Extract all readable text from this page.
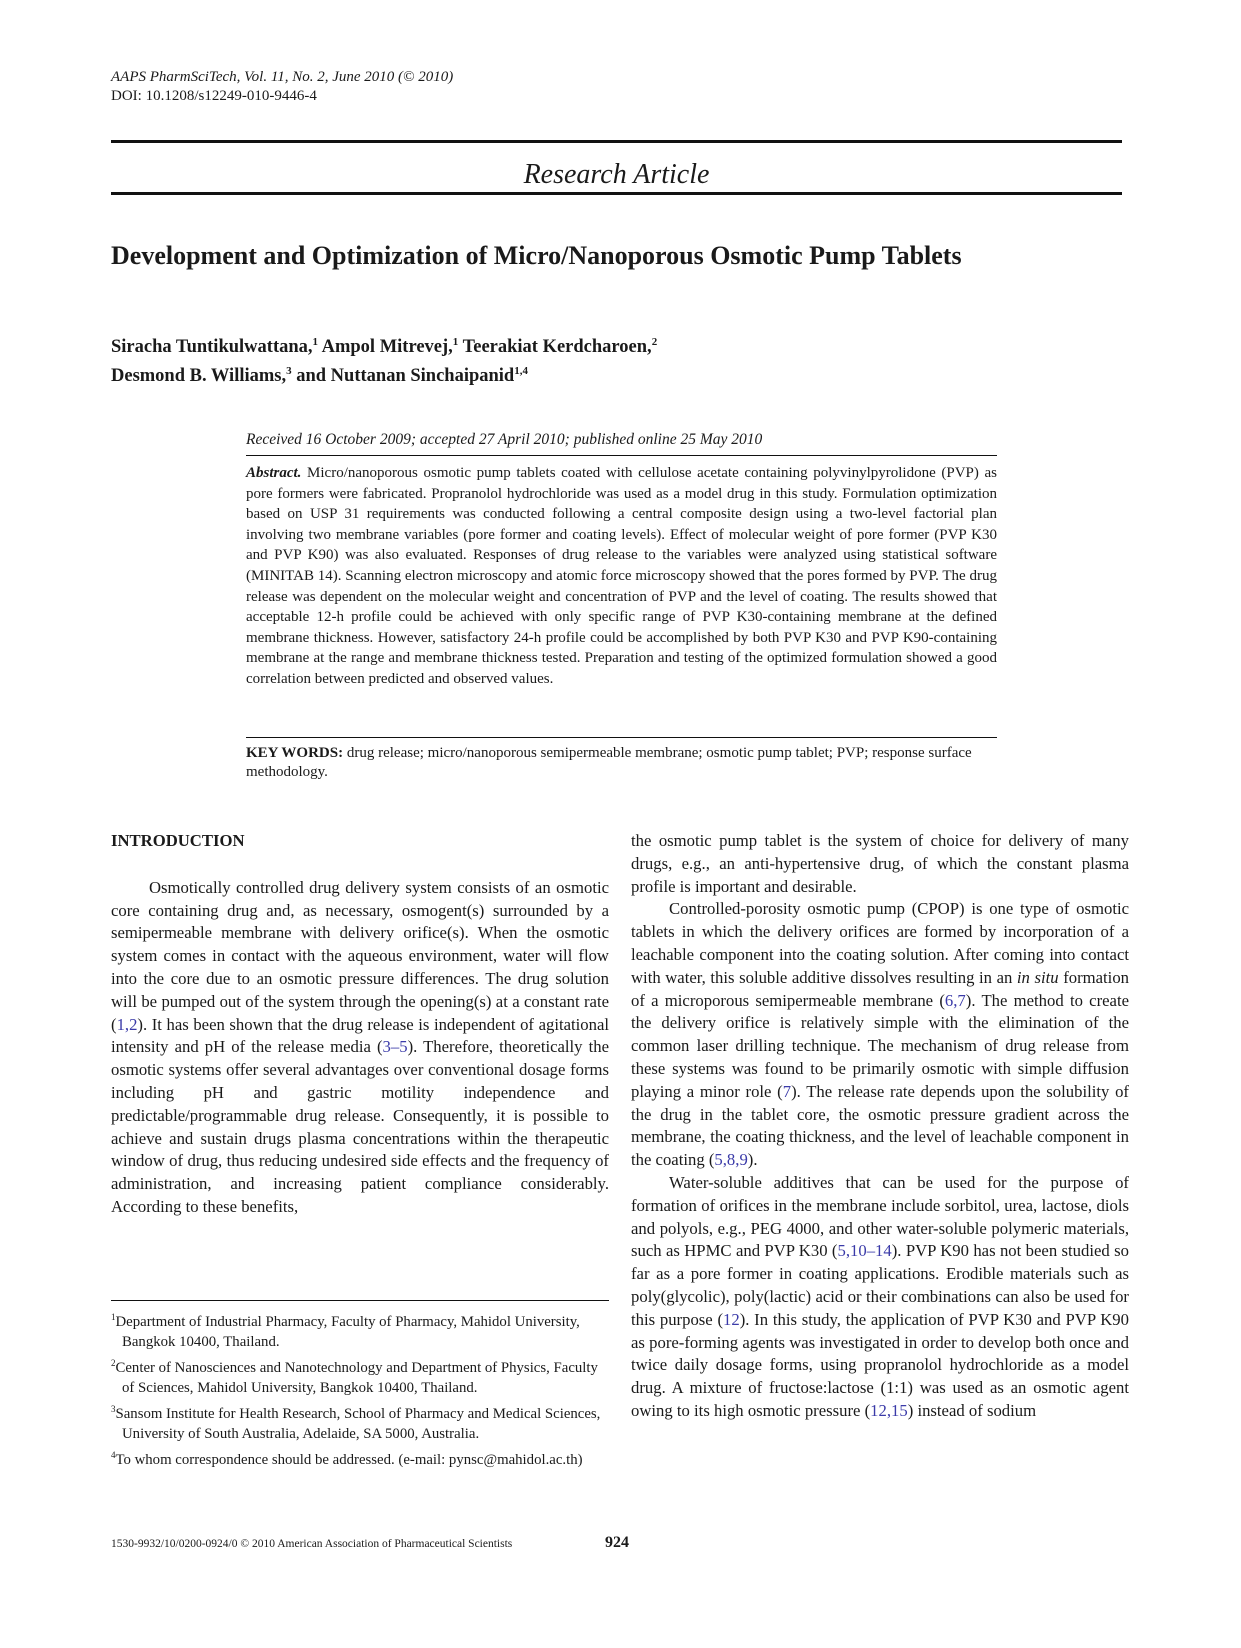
AAPS PharmSciTech, Vol. 11, No. 2, June 2010 (© 2010)
DOI: 10.1208/s12249-010-9446-4
Research Article
Development and Optimization of Micro/Nanoporous Osmotic Pump Tablets
Siracha Tuntikulwattana,$^1$ Ampol Mitrevej,$^1$ Teerakiat Kerdcharoen,$^2$
Desmond B. Williams,$^3$ and Nuttanan Sinchaipanid$^{1,4}$
Received 16 October 2009; accepted 27 April 2010; published online 25 May 2010
Abstract. Micro/nanoporous osmotic pump tablets coated with cellulose acetate containing polyvinylpyrolidone (PVP) as pore formers were fabricated. Propranolol hydrochloride was used as a model drug in this study. Formulation optimization based on USP 31 requirements was conducted following a central composite design using a two-level factorial plan involving two membrane variables (pore former and coating levels). Effect of molecular weight of pore former (PVP K30 and PVP K90) was also evaluated. Responses of drug release to the variables were analyzed using statistical software (MINITAB 14). Scanning electron microscopy and atomic force microscopy showed that the pores formed by PVP. The drug release was dependent on the molecular weight and concentration of PVP and the level of coating. The results showed that acceptable 12-h profile could be achieved with only specific range of PVP K30-containing membrane at the defined membrane thickness. However, satisfactory 24-h profile could be accomplished by both PVP K30 and PVP K90-containing membrane at the range and membrane thickness tested. Preparation and testing of the optimized formulation showed a good correlation between predicted and observed values.
KEY WORDS: drug release; micro/nanoporous semipermeable membrane; osmotic pump tablet; PVP; response surface methodology.

INTRODUCTION

Osmotically controlled drug delivery system consists of an osmotic core containing drug and, as necessary, osmogent(s) surrounded by a semipermeable membrane with delivery orifice(s). When the osmotic system comes in contact with the aqueous environment, water will flow into the core due to an osmotic pressure differences. The drug solution will be pumped out of the system through the opening(s) at a constant rate (1,2). It has been shown that the drug release is independent of agitational intensity and pH of the release media (3–5). Therefore, theoretically the osmotic systems offer several advantages over conventional dosage forms including pH and gastric motility independence and predictable/programmable drug release. Consequently, it is possible to achieve and sustain drugs plasma concentrations within the therapeutic window of drug, thus reducing undesired side effects and the frequency of administration, and increasing patient compliance considerably. According to these benefits,

$^1$Department of Industrial Pharmacy, Faculty of Pharmacy, Mahidol University, Bangkok 10400, Thailand.

$^2$Center of Nanosciences and Nanotechnology and Department of Physics, Faculty of Sciences, Mahidol University, Bangkok 10400, Thailand.

$^3$Sansom Institute for Health Research, School of Pharmacy and Medical Sciences, University of South Australia, Adelaide, SA 5000, Australia.

$^4$To whom correspondence should be addressed. (e-mail: pynsc@mahidol.ac.th)

the osmotic pump tablet is the system of choice for delivery of many drugs, e.g., an anti-hypertensive drug, of which the constant plasma profile is important and desirable.

Controlled-porosity osmotic pump (CPOP) is one type of osmotic tablets in which the delivery orifices are formed by incorporation of a leachable component into the coating solution. After coming into contact with water, this soluble additive dissolves resulting in an in situ formation of a microporous semipermeable membrane (6,7). The method to create the delivery orifice is relatively simple with the elimination of the common laser drilling technique. The mechanism of drug release from these systems was found to be primarily osmotic with simple diffusion playing a minor role (7). The release rate depends upon the solubility of the drug in the tablet core, the osmotic pressure gradient across the membrane, the coating thickness, and the level of leachable component in the coating (5,8,9).

Water-soluble additives that can be used for the purpose of formation of orifices in the membrane include sorbitol, urea, lactose, diols and polyols, e.g., PEG 4000, and other water-soluble polymeric materials, such as HPMC and PVP K30 (5,10–14). PVP K90 has not been studied so far as a pore former in coating applications. Erodible materials such as poly(glycolic), poly(lactic) acid or their combinations can also be used for this purpose (12). In this study, the application of PVP K30 and PVP K90 as pore-forming agents was investigated in order to develop both once and twice daily dosage forms, using propranolol hydrochloride as a model drug. A mixture of fructose:lactose (1:1) was used as an osmotic agent owing to its high osmotic pressure (12,15) instead of sodium

1530-9932/10/0200-0924/0 © 2010 American Association of Pharmaceutical Scientists	924
